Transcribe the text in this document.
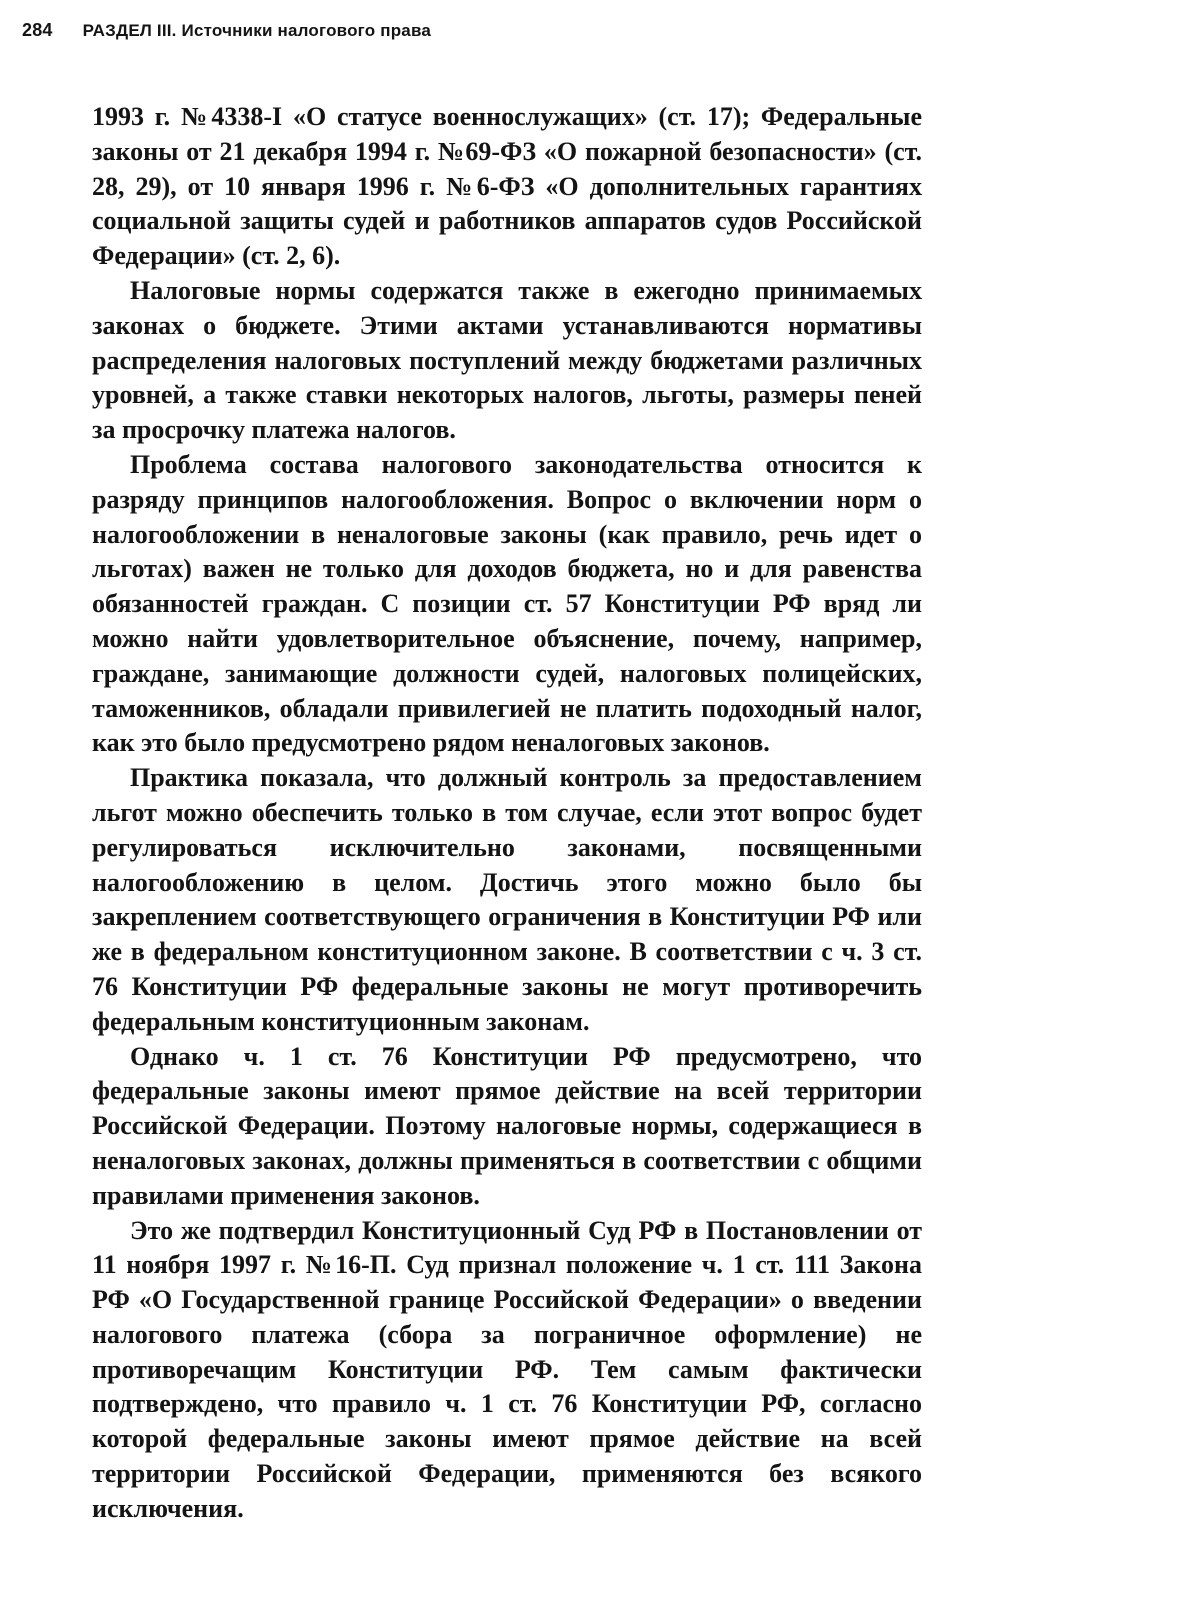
284 РАЗДЕЛ III. Источники налогового права

1993 г. №4338-I «О статусе военнослужащих» (ст. 17); Федеральные законы от 21 декабря 1994 г. №69-ФЗ «О пожарной безопасности» (ст. 28, 29), от 10 января 1996 г. №6-ФЗ «О дополнительных гарантиях социальной защиты судей и работников аппаратов судов Российской Федерации» (ст. 2, 6).

Налоговые нормы содержатся также в ежегодно принимаемых законах о бюджете. Этими актами устанавливаются нормативы распределения налоговых поступлений между бюджетами различных уровней, а также ставки некоторых налогов, льготы, размеры пеней за просрочку платежа налогов.

Проблема состава налогового законодательства относится к разряду принципов налогообложения. Вопрос о включении норм о налогообложении в неналоговые законы (как правило, речь идет о льготах) важен не только для доходов бюджета, но и для равенства обязанностей граждан. С позиции ст. 57 Конституции РФ вряд ли можно найти удовлетворительное объяснение, почему, например, граждане, занимающие должности судей, налоговых полицейских, таможенников, обладали привилегией не платить подоходный налог, как это было предусмотрено рядом неналоговых законов.

Практика показала, что должный контроль за предоставлением льгот можно обеспечить только в том случае, если этот вопрос будет регулироваться исключительно законами, посвященными налогообложению в целом. Достичь этого можно было бы закреплением соответствующего ограничения в Конституции РФ или же в федеральном конституционном законе. В соответствии с ч. 3 ст. 76 Конституции РФ федеральные законы не могут противоречить федеральным конституционным законам.

Однако ч. 1 ст. 76 Конституции РФ предусмотрено, что федеральные законы имеют прямое действие на всей территории Российской Федерации. Поэтому налоговые нормы, содержащиеся в неналоговых законах, должны применяться в соответствии с общими правилами применения законов.

Это же подтвердил Конституционный Суд РФ в Постановлении от 11 ноября 1997 г. №16-П. Суд признал положение ч. 1 ст. 111 Закона РФ «О Государственной границе Российской Федерации» о введении налогового платежа (сбора за пограничное оформление) не противоречащим Конституции РФ. Тем самым фактически подтверждено, что правило ч. 1 ст. 76 Конституции РФ, согласно которой федеральные законы имеют прямое действие на всей территории Российской Федерации, применяются без всякого исключения.
